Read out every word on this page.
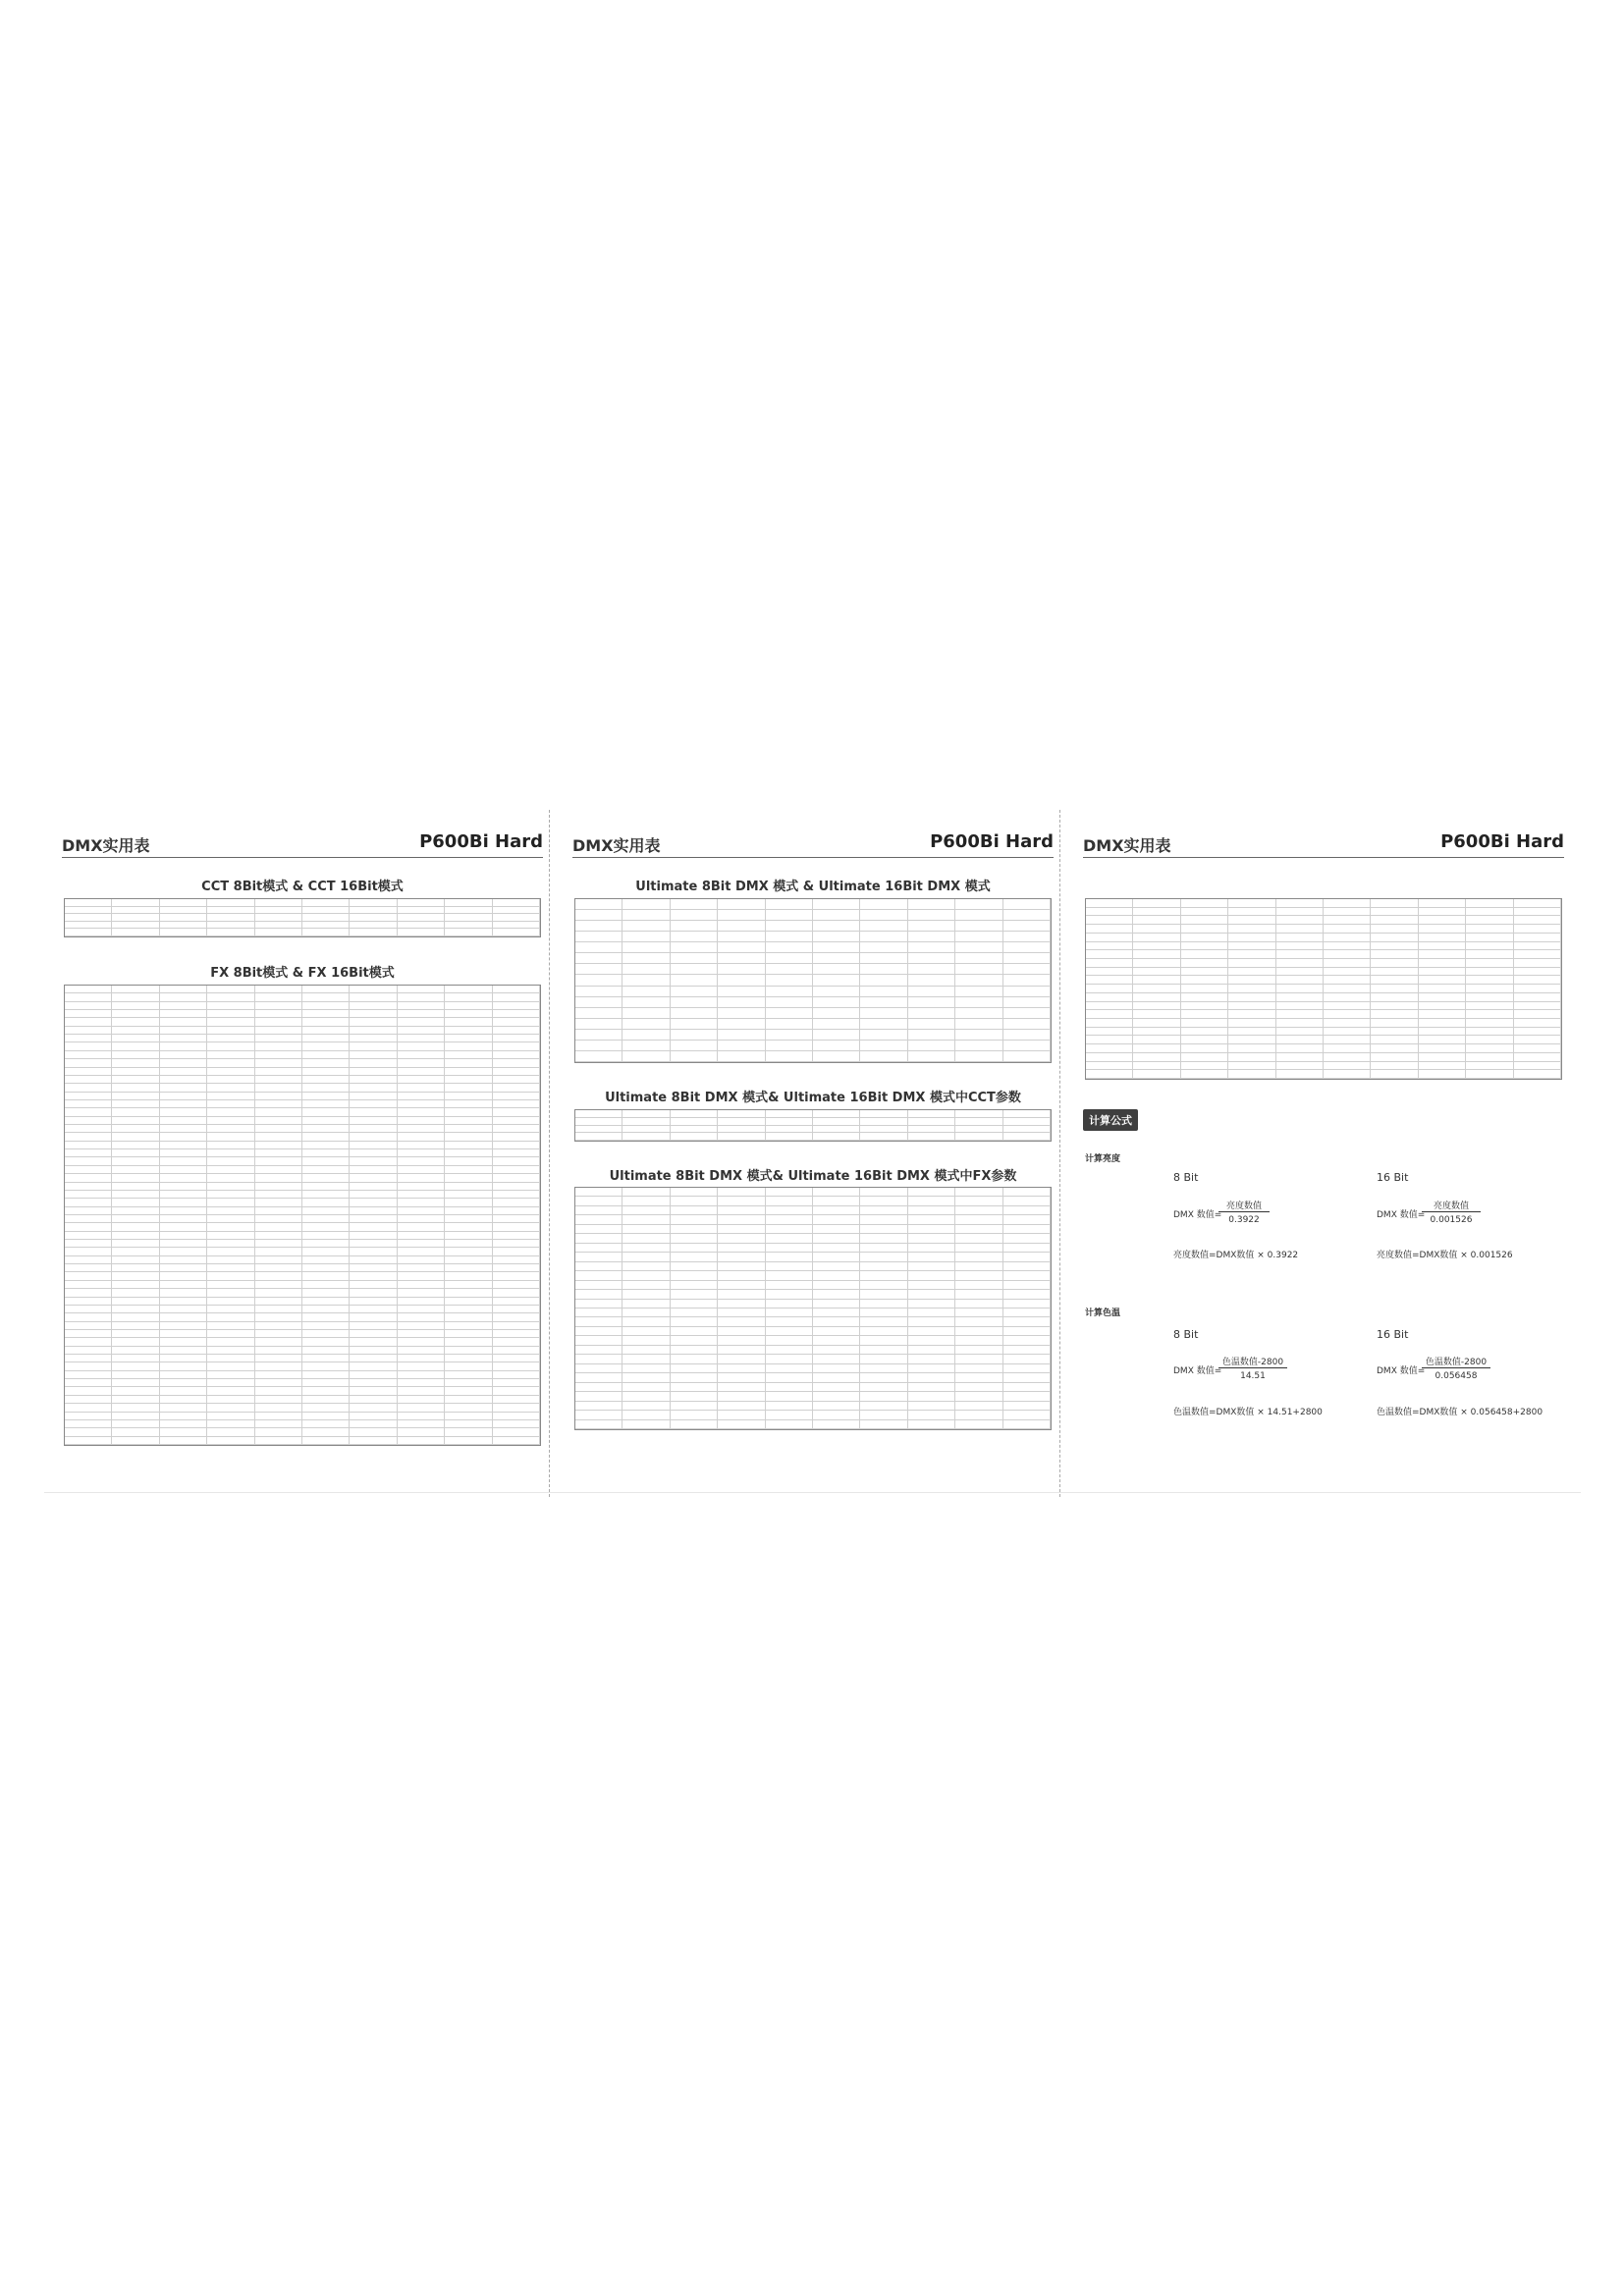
DMX实用表	P600Bi Hard
CCT 8Bit模式 & CCT 16Bit模式
FX 8Bit模式 & FX 16Bit模式
DMX实用表	P600Bi Hard
Ultimate 8Bit DMX 模式 & Ultimate 16Bit DMX 模式
Ultimate 8Bit DMX 模式& Ultimate 16Bit DMX 模式中CCT参数
Ultimate 8Bit DMX 模式& Ultimate 16Bit DMX 模式中FX参数
DMX实用表	P600Bi Hard
计算公式
计算亮度
8 Bit	16 Bit
DMX 数值=
亮度数值
0.3922
亮度数值=DMX数值 × 0.3922
DMX 数值=
亮度数值
0.001526
亮度数值=DMX数值 × 0.001526
计算色温
8 Bit	16 Bit
DMX 数值=
色温数值-2800
14.51
色温数值=DMX数值 × 14.51+2800
DMX 数值=
色温数值-2800
0.056458
色温数值=DMX数值 × 0.056458+2800
